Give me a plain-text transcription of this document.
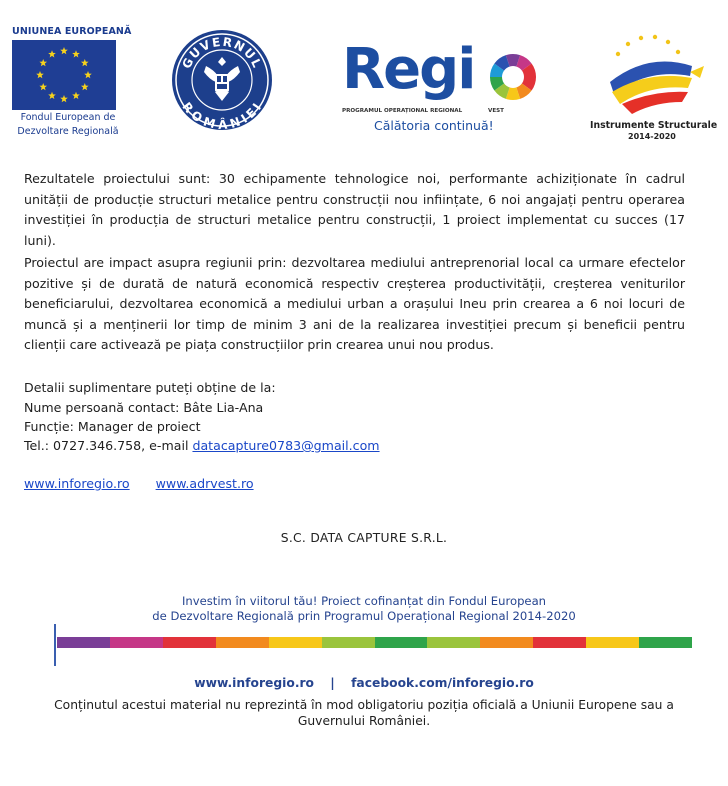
UNIUNEA EUROPEANĂ
Fondul European de
Dezvoltare Regională
GUVERNUL
ROMÂNIEI
Regi
PROGRAMUL OPERAȚIONAL REGIONAL	VEST
Călătoria continuă!	Instrumente Structurale
2014-2020

Rezultatele proiectului sunt: 30 echipamente tehnologice noi, performante achiziționate în cadrul unității de producție structuri metalice pentru construcții nou inființate, 6 noi angajați pentru operarea investiției în producția de structuri metalice pentru construcții, 1 proiect implementat cu succes (17 luni).

Proiectul are impact asupra regiunii prin: dezvoltarea mediului antreprenorial local ca urmare efectelor pozitive și de durată de natură economică respectiv creșterea productivității, creșterea veniturilor beneficiarului, dezvoltarea economică a mediului urban a orașului Ineu prin crearea a 6 noi locuri de muncă și a menținerii lor timp de minim 3 ani de la realizarea investiției precum și beneficii pentru clienții care activează pe piața construcțiilor prin crearea unui nou produs.

Detalii suplimentare puteți obține de la:
Nume persoană contact: Bâte Lia-Ana
Funcție: Manager de proiect
Tel.: 0727.346.758, e-mail datacapture0783@gmail.com
www.inforegio.ro www.adrvest.ro
S.C. DATA CAPTURE S.R.L.
Investim în viitorul tău! Proiect cofinanțat din Fondul European
de Dezvoltare Regională prin Programul Operațional Regional 2014-2020
www.inforegio.ro | facebook.com/inforegio.ro
Conținutul acestui material nu reprezintă în mod obligatoriu poziția oficială a Uniunii Europene sau a Guvernului României.
